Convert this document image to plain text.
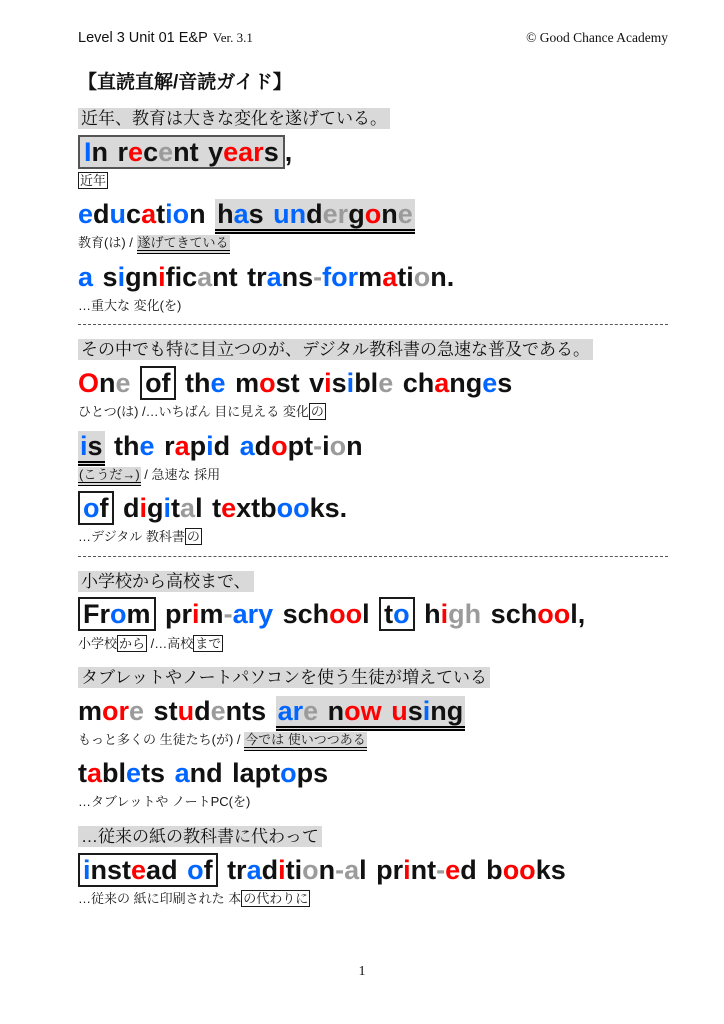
Level 3 Unit 01 E&P Ver. 3.1	© Good Chance Academy
【直読直解/音読ガイド】
近年、教育は大きな変化を遂げている。
In recent years ,
近年
education has undergone
教育(は) / 遂げてきている
a significant trans-formation.
…重大な 変化(を)
その中でも特に目立つのが、デジタル教科書の急速な普及である。
One of the most visible changes
ひとつ(は) /…いちばん 目に見える 変化 の
is the rapid adopt-ion
(こうだ→) / 急速な 採用
of digital textbooks.
…デジタル 教科書 の
小学校から高校まで、
From prim-ary school to high school,
小学校 から /…高校 まで
タブレットやノートパソコンを使う生徒が増えている
more students are now using
もっと多くの 生徒たち(が) / 今では 使いつつある
tablets and laptops
…タブレットや ノートPC(を)
…従来の紙の教科書に代わって
instead of tradition-al print-ed books
…従来の 紙に印刷された 本 の代わりに
1
